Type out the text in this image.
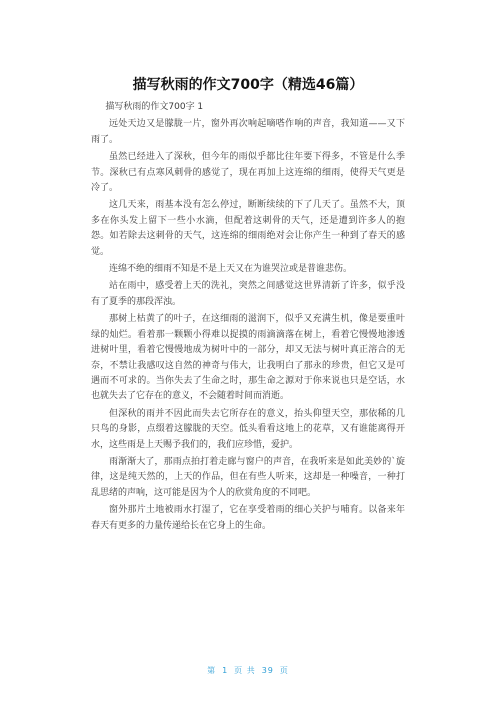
描写秋雨的作文700字（精选46篇）

描写秋雨的作文700字 1

远处天边又是朦胧一片，窗外再次响起嘀嗒作响的声音，我知道——又下雨了。

虽然已经进入了深秋，但今年的雨似乎都比往年要下得多，不管是什么季节。深秋已有点寒风刺骨的感觉了，现在再加上这连绵的细雨，使得天气更是冷了。

这几天来，雨基本没有怎么停过，断断续续的下了几天了。虽然不大，顶多在你头发上留下一些小水滴，但配着这刺骨的天气，还是遭到许多人的抱怨。如若除去这刺骨的天气，这连绵的细雨绝对会让你产生一种到了春天的感觉。

连绵不绝的细雨不知是不是上天又在为谁哭泣或是普谁悲伤。

站在雨中，感受着上天的洗礼，突然之间感觉这世界清新了许多，似乎没有了夏季的那段浑浊。

那树上枯黄了的叶子，在这细雨的滋润下，似乎又充满生机，像是要重叶绿的灿烂。看着那一颗颗小得难以捉摸的雨滴滴落在树上，看着它慢慢地渗透进树叶里，看着它慢慢地成为树叶中的一部分，却又无法与树叶真正溶合的无奈，不禁让我感叹这自然的神奇与伟大，让我明白了那永的珍贵，但它又是可遇而不可求的。当你失去了生命之时，那生命之源对于你来说也只是空话，水也就失去了它存在的意义，不会随着时间而消逝。

但深秋的雨并不因此而失去它所存在的意义，抬头仰望天空，那依稀的几只鸟的身影，点缀着这朦胧的天空。低头看看这地上的花草，又有谁能离得开水，这些雨是上天赐予我们的，我们应珍惜，爱护。

雨渐渐大了，那雨点拍打着走廊与窗户的声音，在我听来是如此美妙的`旋律，这是纯天然的，上天的作品，但在有些人听来，这却是一种噪音，一种打乱思绪的声响，这可能是因为个人的欣赏角度的不同吧。

窗外那片土地被雨水打湿了，它在享受着雨的细心关护与哺育。以备来年春天有更多的力量传递给长在它身上的生命。

第 1 页 共 39 页
